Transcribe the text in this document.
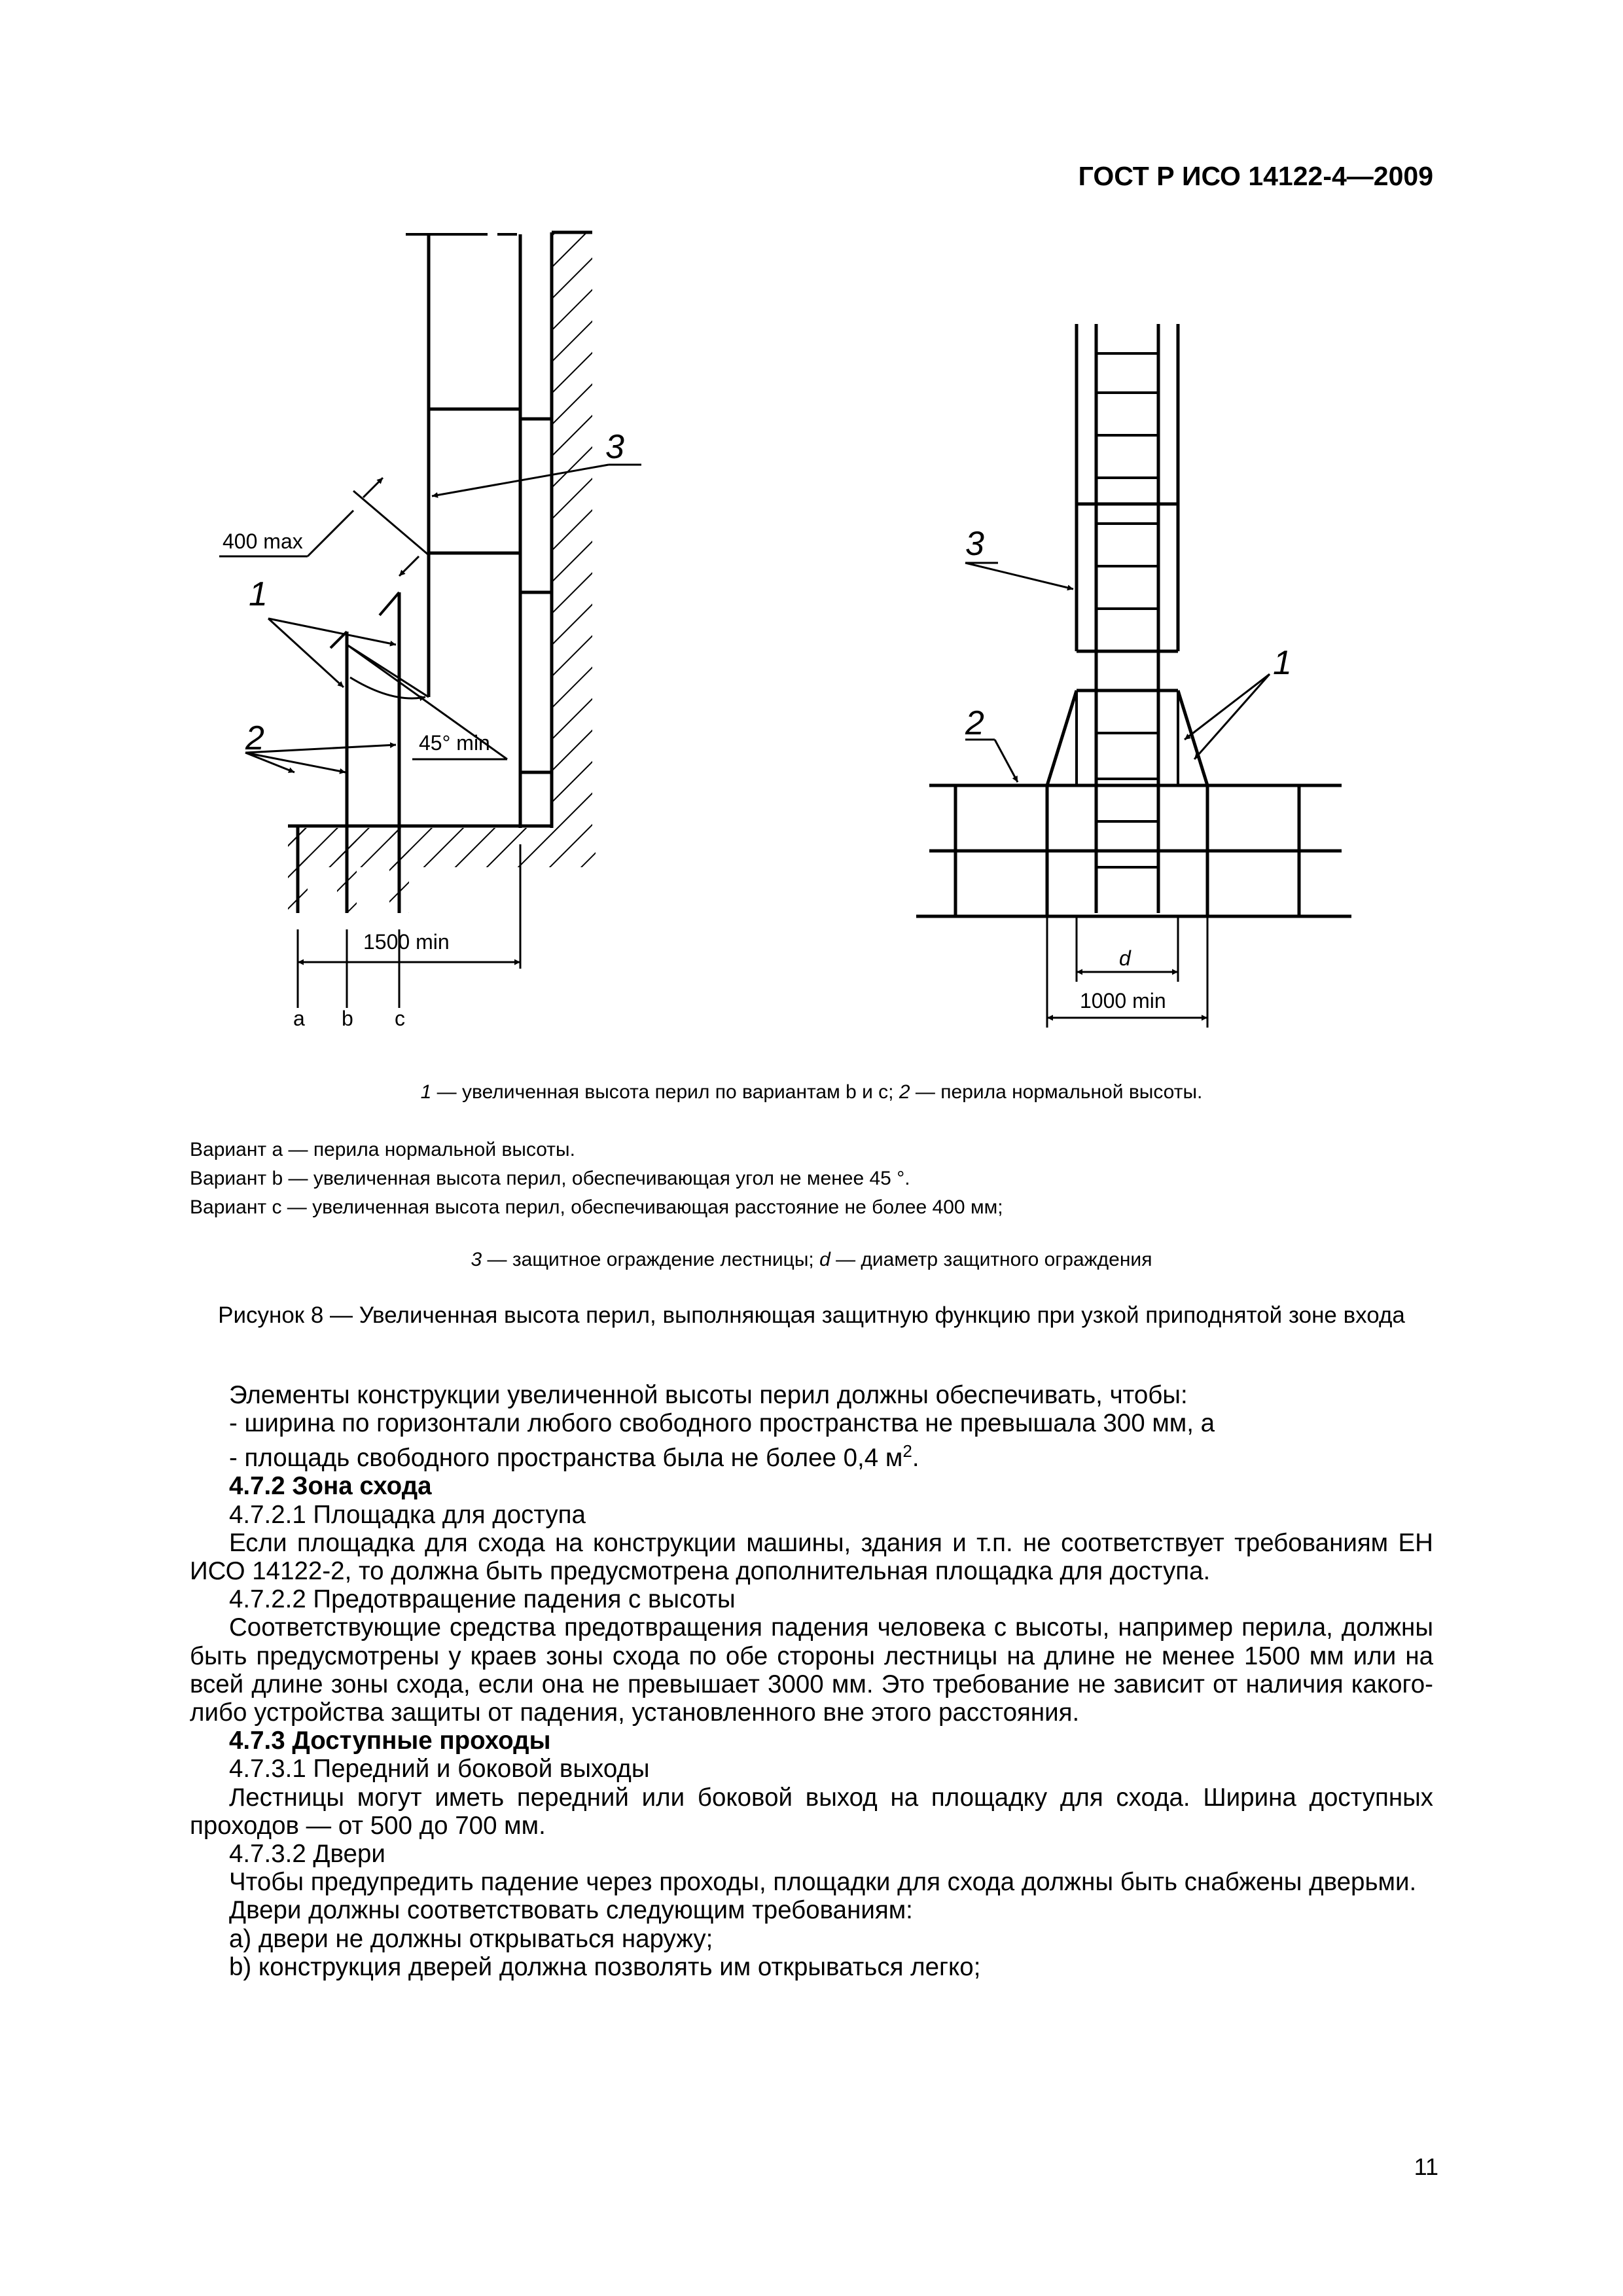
ГОСТ Р ИСО 14122-4—2009
3
1
2
400 max
45° min
1500 min
a b c
3
1
2
d
1000 min
1 — увеличенная высота перил по вариантам b и с; 2 — перила нормальной высоты.
Вариант а — перила нормальной высоты.
Вариант b — увеличенная высота перил, обеспечивающая угол не менее 45 °.
Вариант с — увеличенная высота перил, обеспечивающая расстояние не более 400 мм;
3 — защитное ограждение лестницы; d — диаметр защитного ограждения
Рисунок 8 — Увеличенная высота перил, выполняющая защитную функцию при узкой приподнятой зоне входа

Элементы конструкции увеличенной высоты перил должны обеспечивать, чтобы:

- ширина по горизонтали любого свободного пространства не превышала 300 мм, а

- площадь свободного пространства была не более 0,4 $м^2$.

4.7.2 Зона схода

4.7.2.1 Площадка для доступа

Если площадка для схода на конструкции машины, здания и т.п. не соответствует требованиям ЕН ИСО 14122-2, то должна быть предусмотрена дополнительная площадка для доступа.

4.7.2.2 Предотвращение падения с высоты

Соответствующие средства предотвращения падения человека с высоты, например перила, должны быть предусмотрены у краев зоны схода по обе стороны лестницы на длине не менее 1500 мм или на всей длине зоны схода, если она не превышает 3000 мм. Это требование не зависит от наличия какого-либо устройства защиты от падения, установленного вне этого расстояния.

4.7.3 Доступные проходы

4.7.3.1 Передний и боковой выходы

Лестницы могут иметь передний или боковой выход на площадку для схода. Ширина доступных проходов — от 500 до 700 мм.

4.7.3.2 Двери

Чтобы предупредить падение через проходы, площадки для схода должны быть снабжены дверьми.

Двери должны соответствовать следующим требованиям:

a) двери не должны открываться наружу;

b) конструкция дверей должна позволять им открываться легко;

11
